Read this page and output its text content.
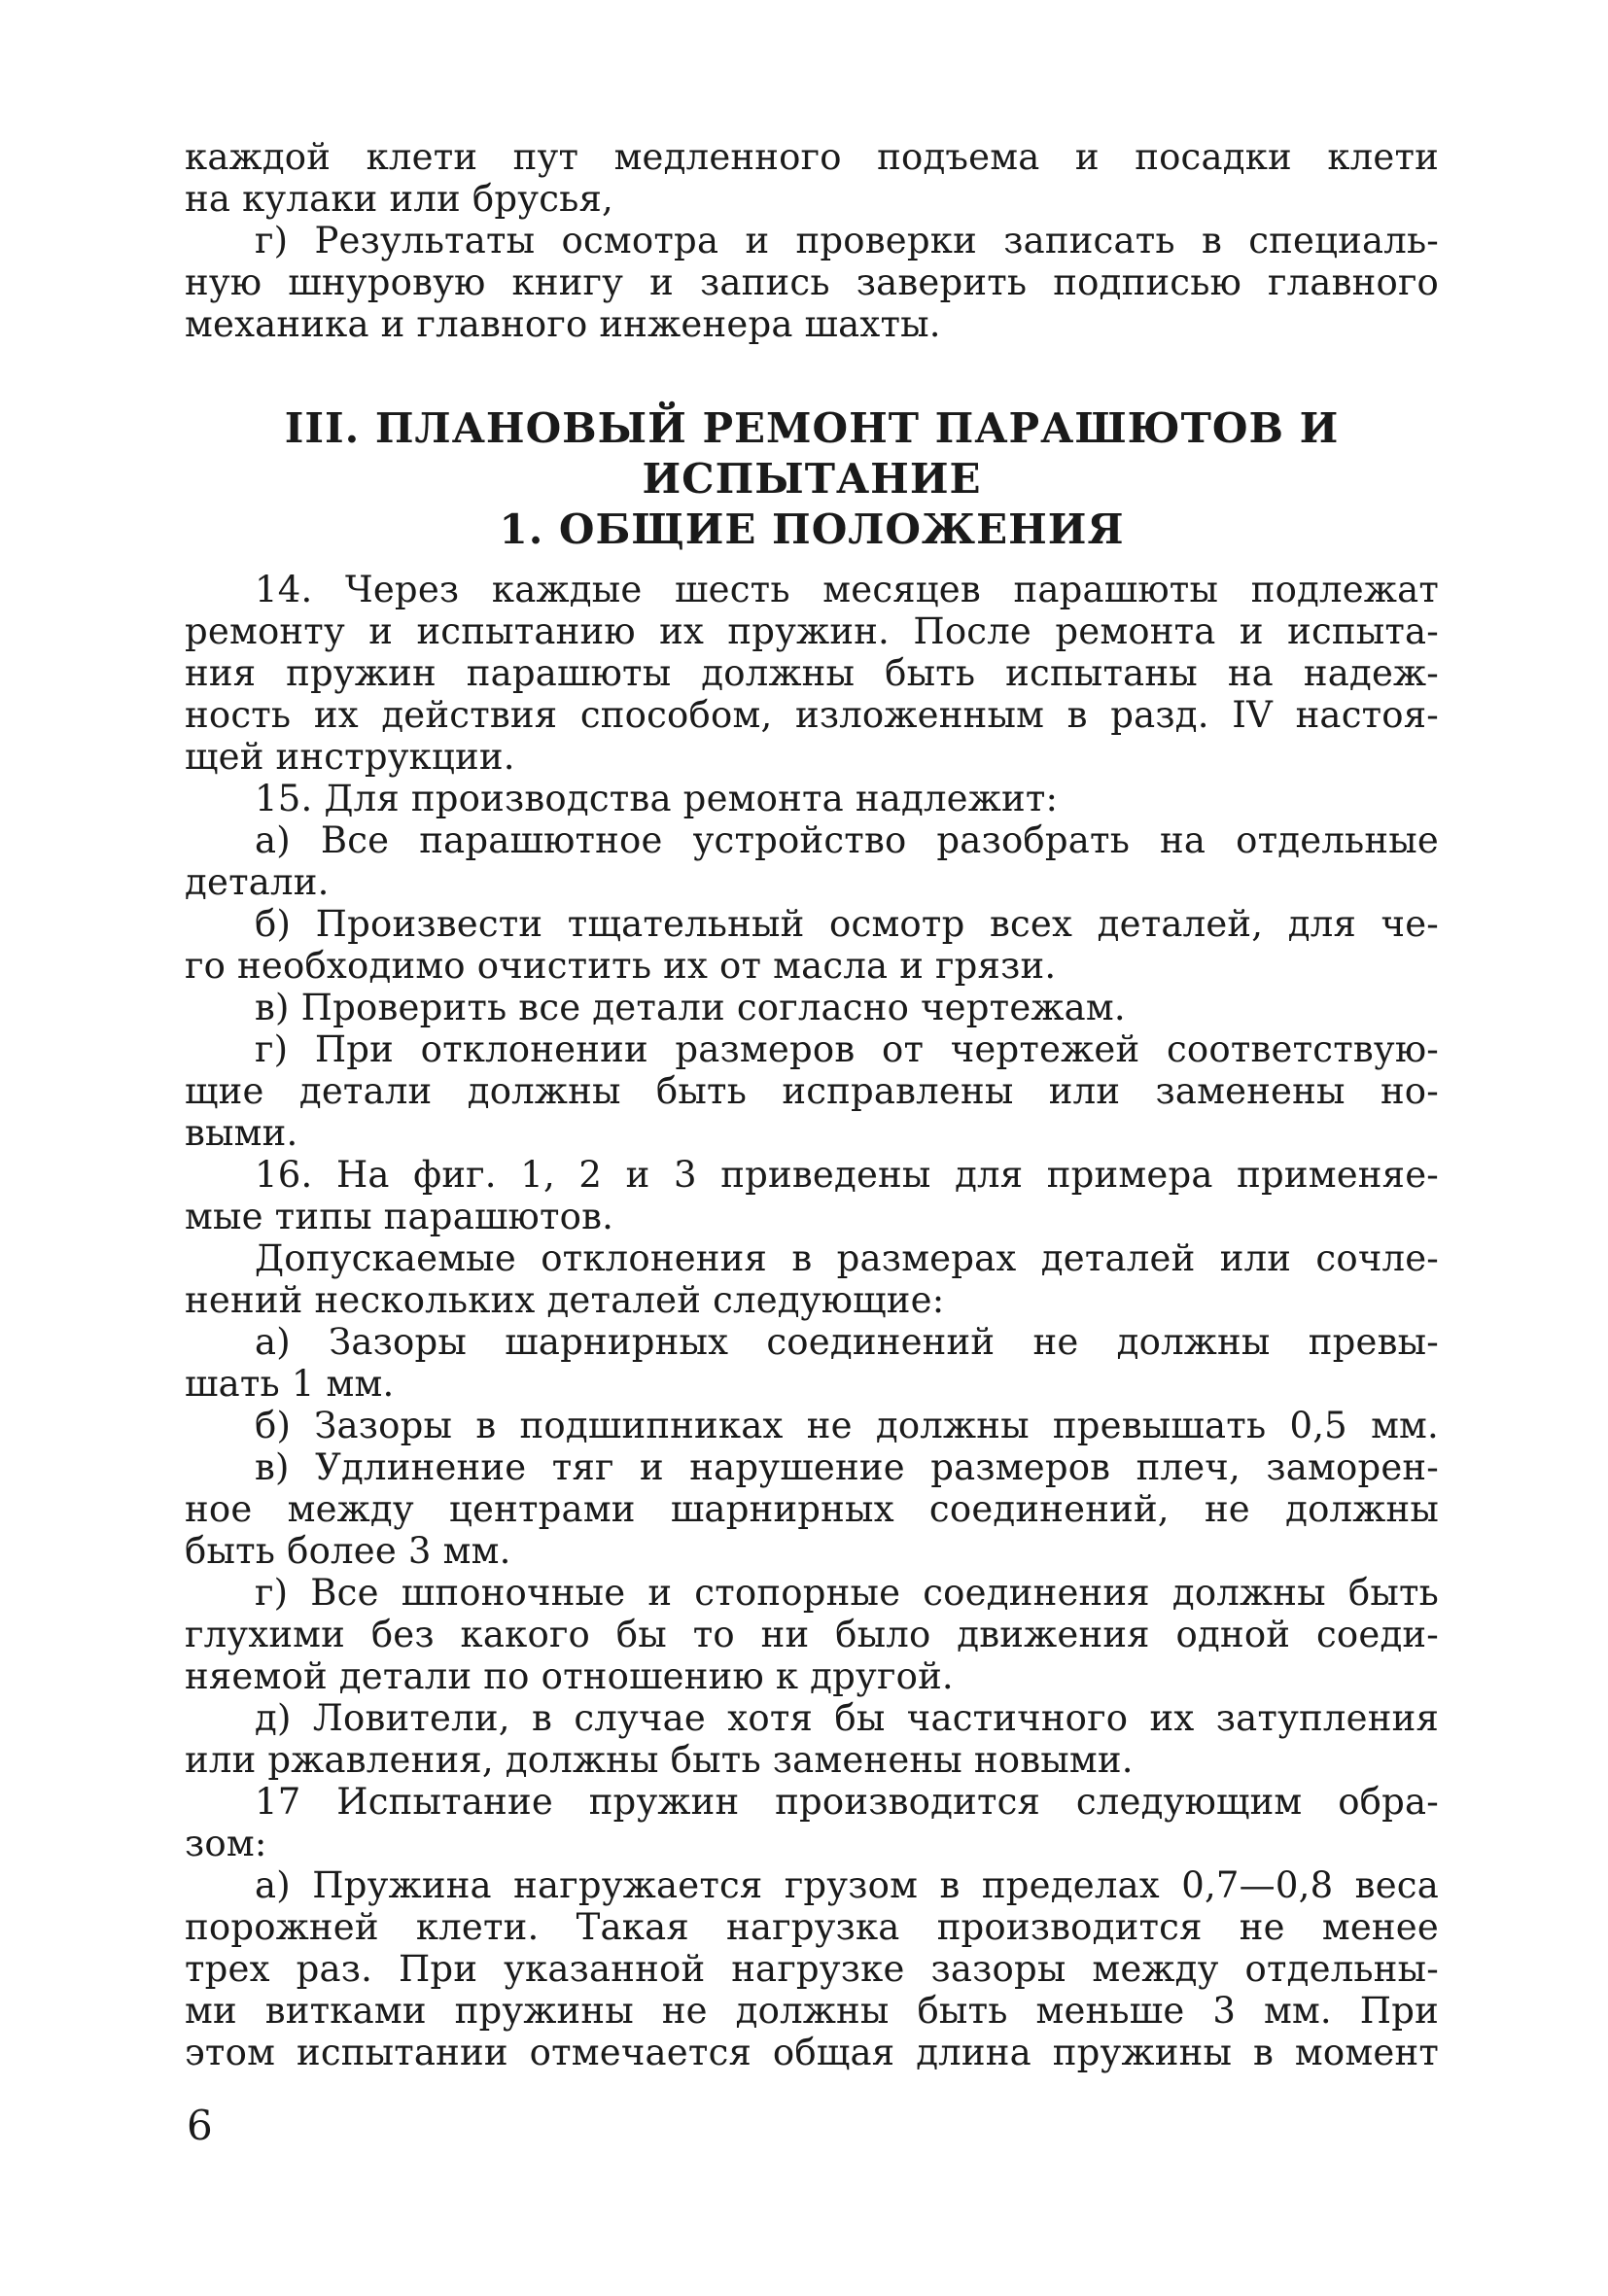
каждой клети пут медленного подъема и посадки клети
на кулаки или брусья,
г) Результаты осмотра и проверки записать в специаль-
ную шнуровую книгу и запись заверить подписью главного
механика и главного инженера шахты.
III. ПЛАНОВЫЙ РЕМОНТ ПАРАШЮТОВ И ИСПЫТАНИЕ
1. ОБЩИЕ ПОЛОЖЕНИЯ
14. Через каждые шесть месяцев парашюты подлежат
ремонту и испытанию их пружин. После ремонта и испыта-
ния пружин парашюты должны быть испытаны на надеж-
ность их действия способом, изложенным в разд. IV настоя-
щей инструкции.
15. Для производства ремонта надлежит:
а) Все парашютное устройство разобрать на отдельные
детали.
б) Произвести тщательный осмотр всех деталей, для че-
го необходимо очистить их от масла и грязи.
в) Проверить все детали согласно чертежам.
г) При отклонении размеров от чертежей соответствую-
щие детали должны быть исправлены или заменены но-
выми.
16. На фиг. 1, 2 и 3 приведены для примера применяе-
мые типы парашютов.
Допускаемые отклонения в размерах деталей или сочле-
нений нескольких деталей следующие:
а) Зазоры шарнирных соединений не должны превы-
шать 1 мм.
б) Зазоры в подшипниках не должны превышать 0,5 мм.
в) Удлинение тяг и нарушение размеров плеч, заморен-
ное между центрами шарнирных соединений, не должны
быть более 3 мм.
г) Все шпоночные и стопорные соединения должны быть
глухими без какого бы то ни было движения одной соеди-
няемой детали по отношению к другой.
д) Ловители, в случае хотя бы частичного их затупления
или ржавления, должны быть заменены новыми.
17 Испытание пружин производится следующим обра-
зом:
а) Пружина нагружается грузом в пределах 0,7—0,8 веса
порожней клети. Такая нагрузка производится не менее
трех раз. При указанной нагрузке зазоры между отдельны-
ми витками пружины не должны быть меньше 3 мм. При
этом испытании отмечается общая длина пружины в момент
6
